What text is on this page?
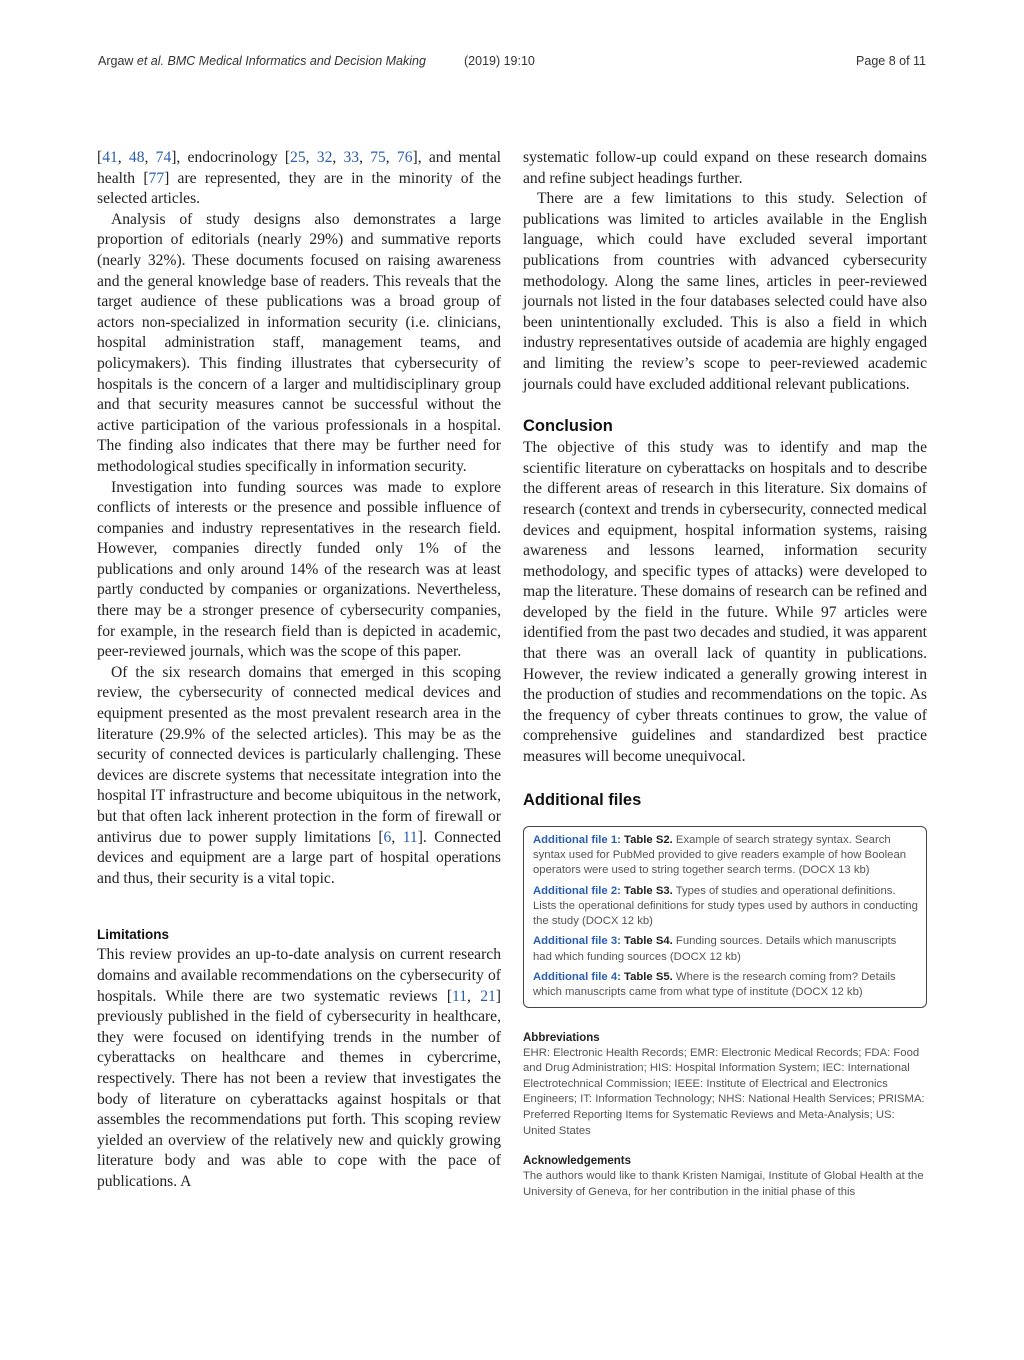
Argaw et al. BMC Medical Informatics and Decision Making	(2019) 19:10	Page 8 of 11

[41, 48, 74], endocrinology [25, 32, 33, 75, 76], and mental health [77] are represented, they are in the minority of the selected articles.

Analysis of study designs also demonstrates a large proportion of editorials (nearly 29%) and summative reports (nearly 32%). These documents focused on raising awareness and the general knowledge base of readers. This reveals that the target audience of these publications was a broad group of actors non-specialized in information security (i.e. clinicians, hospital administration staff, management teams, and policymakers). This finding illustrates that cybersecurity of hospitals is the concern of a larger and multidisciplinary group and that security measures cannot be successful without the active participation of the various professionals in a hospital. The finding also indicates that there may be further need for methodological studies specifically in information security.

Investigation into funding sources was made to explore conflicts of interests or the presence and possible influence of companies and industry representatives in the research field. However, companies directly funded only 1% of the publications and only around 14% of the research was at least partly conducted by companies or organizations. Nevertheless, there may be a stronger presence of cybersecurity companies, for example, in the research field than is depicted in academic, peer-reviewed journals, which was the scope of this paper.

Of the six research domains that emerged in this scoping review, the cybersecurity of connected medical devices and equipment presented as the most prevalent research area in the literature (29.9% of the selected articles). This may be as the security of connected devices is particularly challenging. These devices are discrete systems that necessitate integration into the hospital IT infrastructure and become ubiquitous in the network, but that often lack inherent protection in the form of firewall or antivirus due to power supply limitations [6, 11]. Connected devices and equipment are a large part of hospital operations and thus, their security is a vital topic.

Limitations

This review provides an up-to-date analysis on current research domains and available recommendations on the cybersecurity of hospitals. While there are two systematic reviews [11, 21] previously published in the field of cybersecurity in healthcare, they were focused on identifying trends in the number of cyberattacks on healthcare and themes in cybercrime, respectively. There has not been a review that investigates the body of literature on cyberattacks against hospitals or that assembles the recommendations put forth. This scoping review yielded an overview of the relatively new and quickly growing literature body and was able to cope with the pace of publications. A

systematic follow-up could expand on these research domains and refine subject headings further.

There are a few limitations to this study. Selection of publications was limited to articles available in the English language, which could have excluded several important publications from countries with advanced cybersecurity methodology. Along the same lines, articles in peer-reviewed journals not listed in the four databases selected could have also been unintentionally excluded. This is also a field in which industry representatives outside of academia are highly engaged and limiting the review’s scope to peer-reviewed academic journals could have excluded additional relevant publications.

Conclusion

The objective of this study was to identify and map the scientific literature on cyberattacks on hospitals and to describe the different areas of research in this literature. Six domains of research (context and trends in cybersecurity, connected medical devices and equipment, hospital information systems, raising awareness and lessons learned, information security methodology, and specific types of attacks) were developed to map the literature. These domains of research can be refined and developed by the field in the future. While 97 articles were identified from the past two decades and studied, it was apparent that there was an overall lack of quantity in publications. However, the review indicated a generally growing interest in the production of studies and recommendations on the topic. As the frequency of cyber threats continues to grow, the value of comprehensive guidelines and standardized best practice measures will become unequivocal.

Additional files
Additional file 1: Table S2. Example of search strategy syntax. Search syntax used for PubMed provided to give readers example of how Boolean operators were used to string together search terms. (DOCX 13 kb)
Additional file 2: Table S3. Types of studies and operational definitions. Lists the operational definitions for study types used by authors in conducting the study (DOCX 12 kb)
Additional file 3: Table S4. Funding sources. Details which manuscripts had which funding sources (DOCX 12 kb)
Additional file 4: Table S5. Where is the research coming from? Details which manuscripts came from what type of institute (DOCX 12 kb)
Abbreviations
EHR: Electronic Health Records; EMR: Electronic Medical Records; FDA: Food and Drug Administration; HIS: Hospital Information System; IEC: International Electrotechnical Commission; IEEE: Institute of Electrical and Electronics Engineers; IT: Information Technology; NHS: National Health Services; PRISMA: Preferred Reporting Items for Systematic Reviews and Meta-Analysis; US: United States
Acknowledgements
The authors would like to thank Kristen Namigai, Institute of Global Health at the University of Geneva, for her contribution in the initial phase of this
